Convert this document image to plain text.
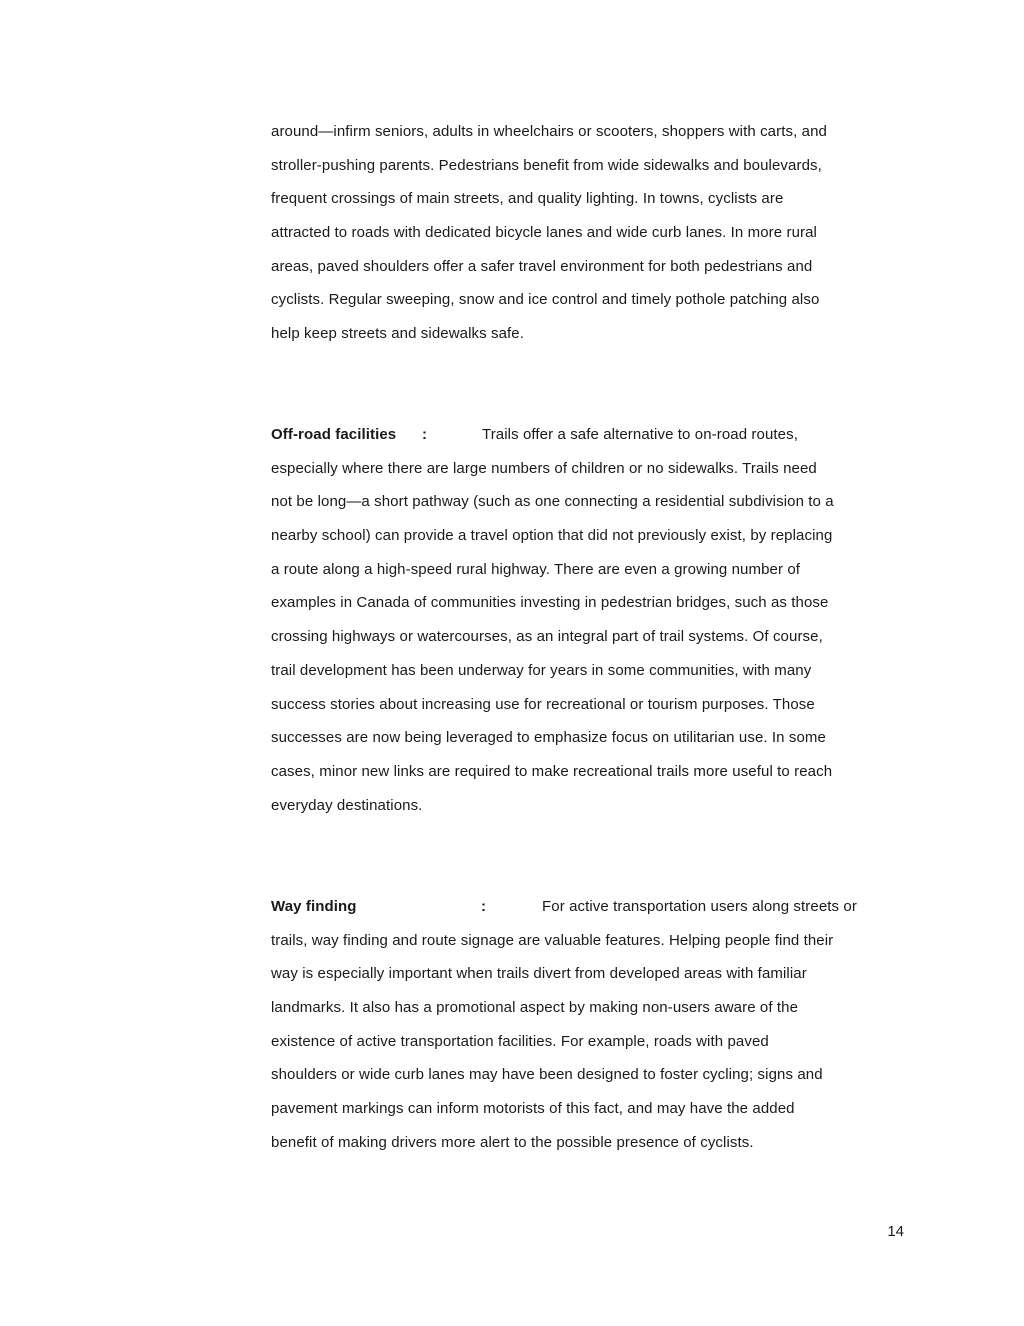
around—infirm seniors, adults in wheelchairs or scooters, shoppers with carts, and
stroller-pushing parents. Pedestrians benefit from wide sidewalks and boulevards,
frequent crossings of main streets, and quality lighting. In towns, cyclists are
attracted to roads with dedicated bicycle lanes and wide curb lanes. In more rural
areas, paved shoulders offer a safer travel environment for both pedestrians and
cyclists. Regular sweeping, snow and ice control and timely pothole patching also
help keep streets and sidewalks safe.
Off-road facilities :	Trails offer a safe alternative to on-road routes,
especially where there are large numbers of children or no sidewalks. Trails need
not be long—a short pathway (such as one connecting a residential subdivision to a
nearby school) can provide a travel option that did not previously exist, by replacing
a route along a high-speed rural highway. There are even a growing number of
examples in Canada of communities investing in pedestrian bridges, such as those
crossing highways or watercourses, as an integral part of trail systems. Of course,
trail development has been underway for years in some communities, with many
success stories about increasing use for recreational or tourism purposes. Those
successes are now being leveraged to emphasize focus on utilitarian use. In some
cases, minor new links are required to make recreational trails more useful to reach
everyday destinations.
Way finding	:	For active transportation users along streets or
trails, way finding and route signage are valuable features. Helping people find their
way is especially important when trails divert from developed areas with familiar
landmarks. It also has a promotional aspect by making non-users aware of the
existence of active transportation facilities. For example, roads with paved
shoulders or wide curb lanes may have been designed to foster cycling; signs and
pavement markings can inform motorists of this fact, and may have the added
benefit of making drivers more alert to the possible presence of cyclists.
14
